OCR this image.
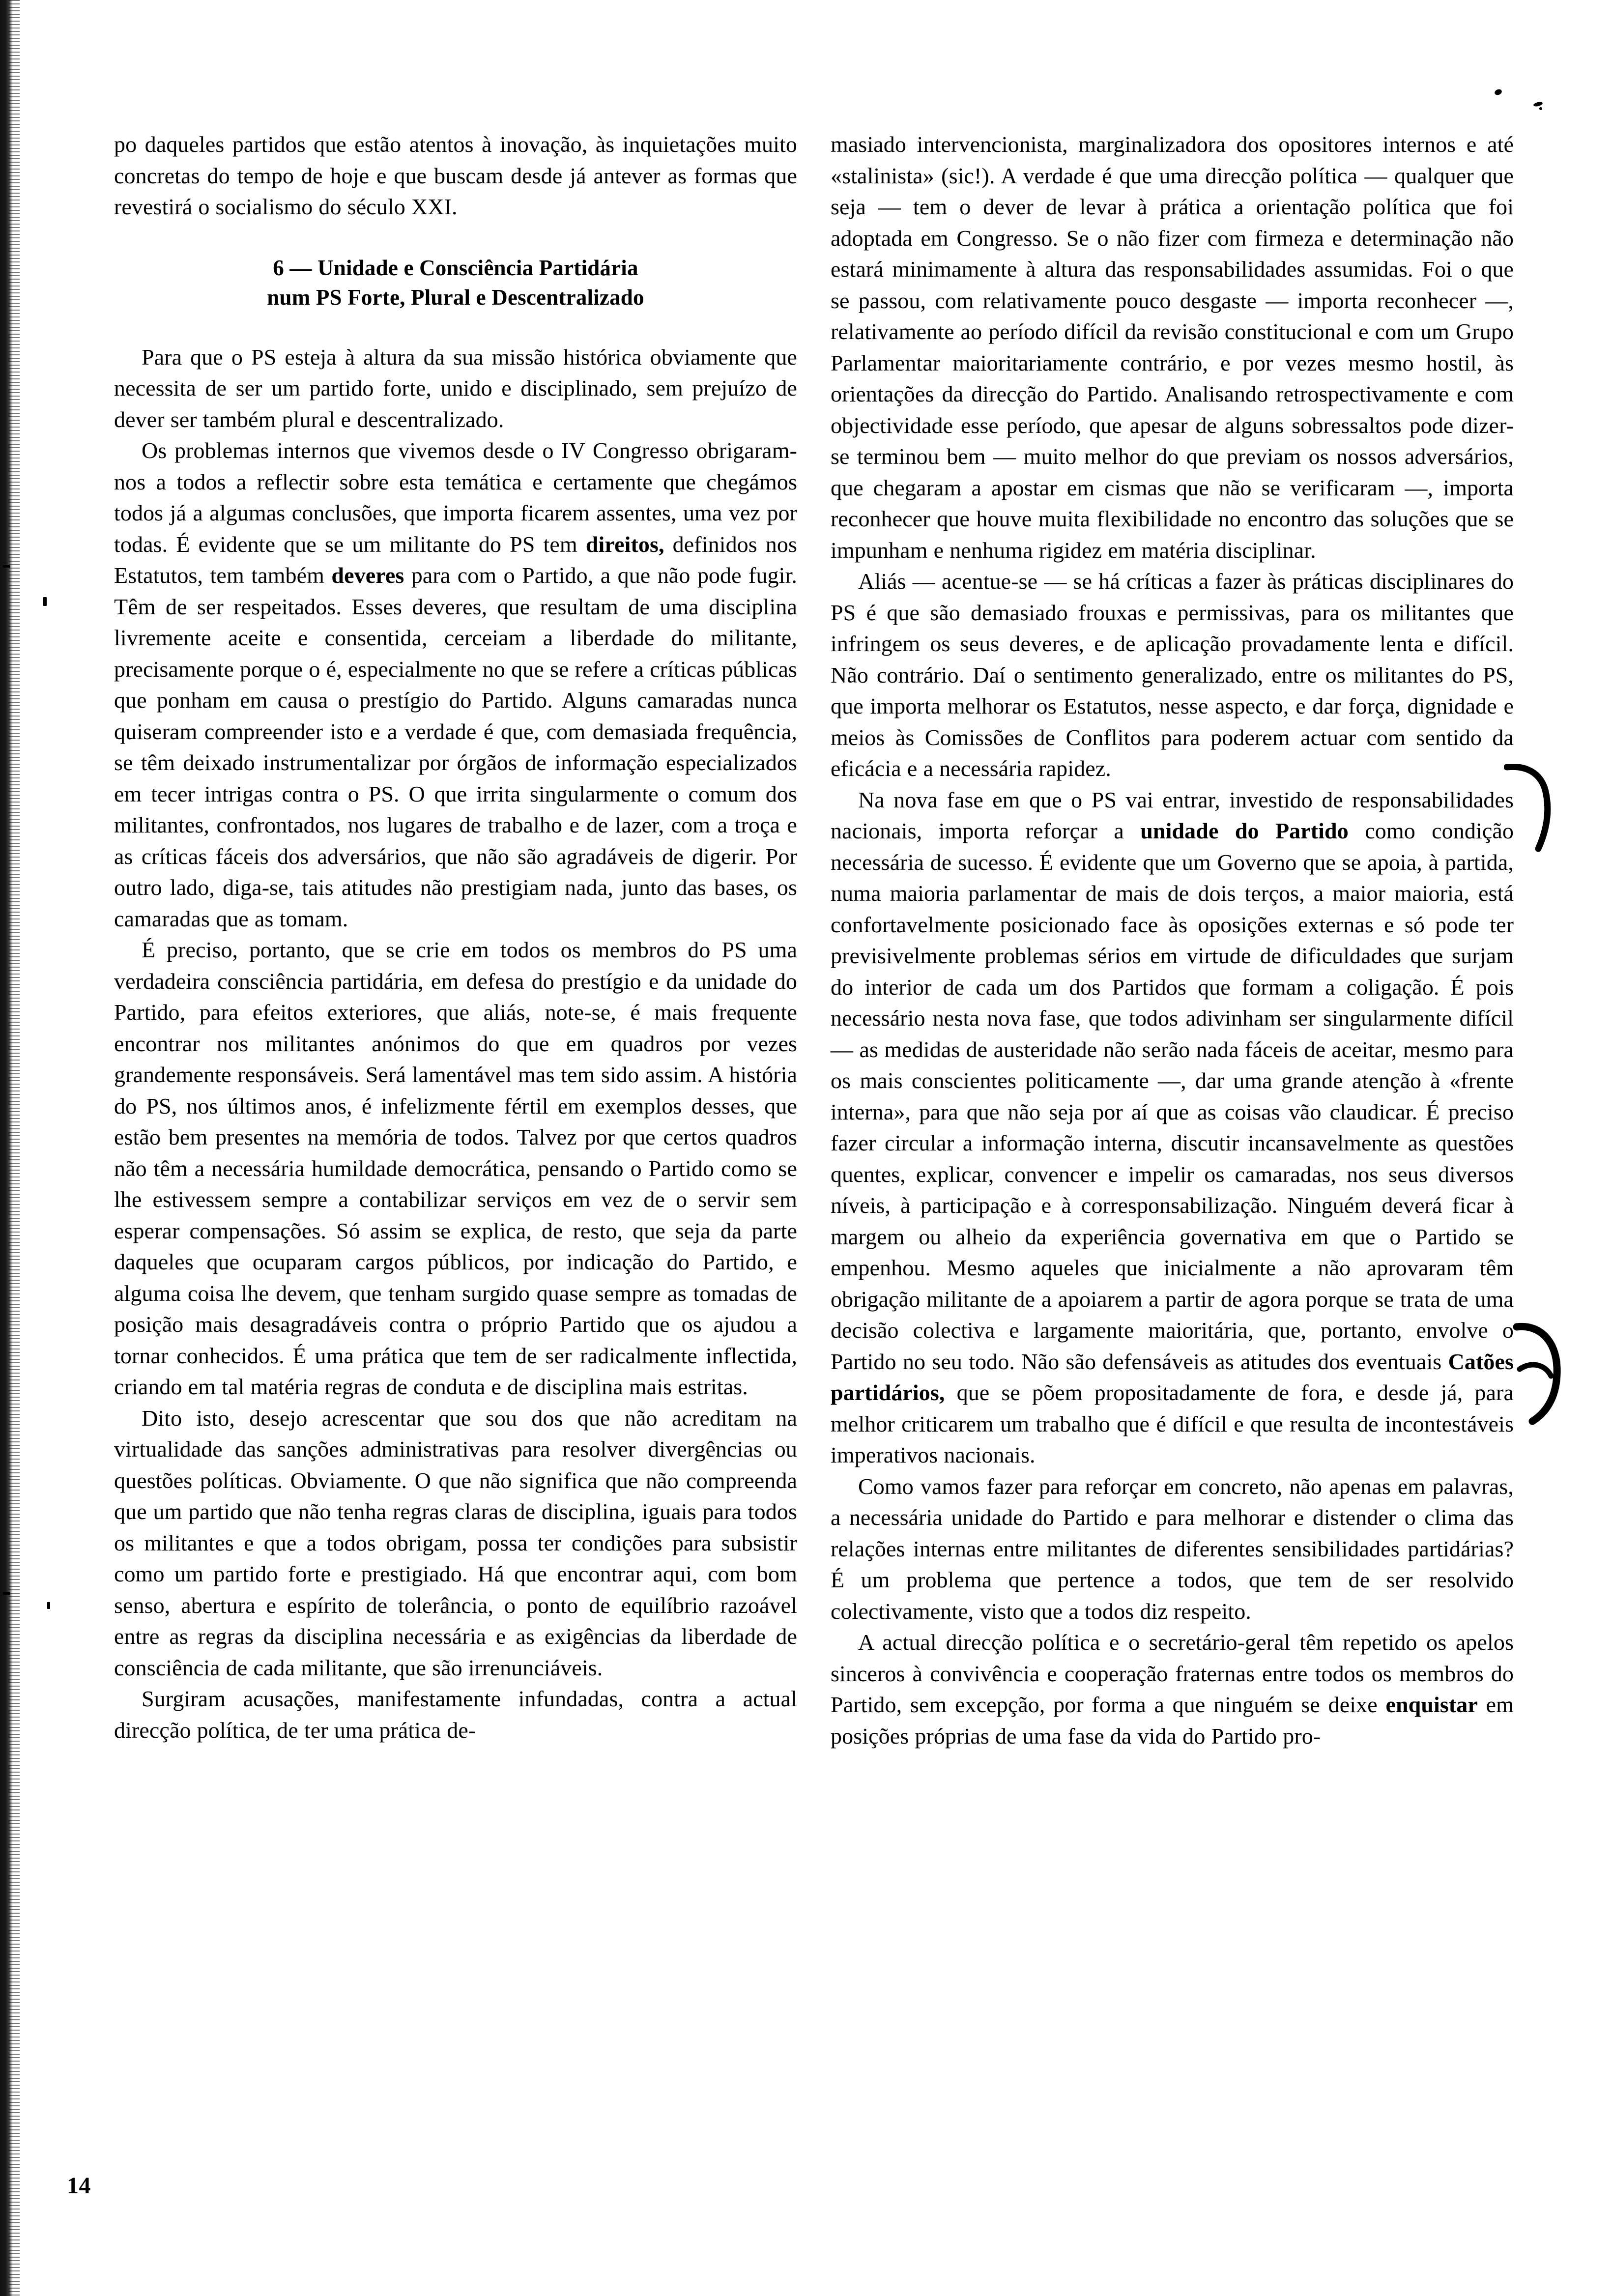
po daqueles partidos que estão atentos à inovação, às inquietações muito concretas do tempo de hoje e que buscam desde já antever as formas que revestirá o socialismo do século XXI.

6 — Unidade e Consciência Partidária
num PS Forte, Plural e Descentralizado

Para que o PS esteja à altura da sua missão histórica obviamente que necessita de ser um partido forte, unido e disciplinado, sem prejuízo de dever ser também plural e descentralizado.

Os problemas internos que vivemos desde o IV Congresso obrigaram-nos a todos a reflectir sobre esta temática e certamente que chegámos todos já a algumas conclusões, que importa ficarem assentes, uma vez por todas. É evidente que se um militante do PS tem direitos, definidos nos Estatutos, tem também deveres para com o Partido, a que não pode fugir. Têm de ser respeitados. Esses deveres, que resultam de uma disciplina livremente aceite e consentida, cerceiam a liberdade do militante, precisamente porque o é, especialmente no que se refere a críticas públicas que ponham em causa o prestígio do Partido. Alguns camaradas nunca quiseram compreender isto e a verdade é que, com demasiada frequência, se têm deixado instrumentalizar por órgãos de informação especializados em tecer intrigas contra o PS. O que irrita singularmente o comum dos militantes, confrontados, nos lugares de trabalho e de lazer, com a troça e as críticas fáceis dos adversários, que não são agradáveis de digerir. Por outro lado, diga-se, tais atitudes não prestigiam nada, junto das bases, os camaradas que as tomam.

É preciso, portanto, que se crie em todos os membros do PS uma verdadeira consciência partidária, em defesa do prestígio e da unidade do Partido, para efeitos exteriores, que aliás, note-se, é mais frequente encontrar nos militantes anónimos do que em quadros por vezes grandemente responsáveis. Será lamentável mas tem sido assim. A história do PS, nos últimos anos, é infelizmente fértil em exemplos desses, que estão bem presentes na memória de todos. Talvez por que certos quadros não têm a necessária humildade democrática, pensando o Partido como se lhe estivessem sempre a contabilizar serviços em vez de o servir sem esperar compensações. Só assim se explica, de resto, que seja da parte daqueles que ocuparam cargos públicos, por indicação do Partido, e alguma coisa lhe devem, que tenham surgido quase sempre as tomadas de posição mais desagradáveis contra o próprio Partido que os ajudou a tornar conhecidos. É uma prática que tem de ser radicalmente inflectida, criando em tal matéria regras de conduta e de disciplina mais estritas.

Dito isto, desejo acrescentar que sou dos que não acreditam na virtualidade das sanções administrativas para resolver divergências ou questões políticas. Obviamente. O que não significa que não compreenda que um partido que não tenha regras claras de disciplina, iguais para todos os militantes e que a todos obrigam, possa ter condições para subsistir como um partido forte e prestigiado. Há que encontrar aqui, com bom senso, abertura e espírito de tolerância, o ponto de equilíbrio razoável entre as regras da disciplina necessária e as exigências da liberdade de consciência de cada militante, que são irrenunciáveis.

Surgiram acusações, manifestamente infundadas, contra a actual direcção política, de ter uma prática de-

masiado intervencionista, marginalizadora dos opositores internos e até «stalinista» (sic!). A verdade é que uma direcção política — qualquer que seja — tem o dever de levar à prática a orientação política que foi adoptada em Congresso. Se o não fizer com firmeza e determinação não estará minimamente à altura das responsabilidades assumidas. Foi o que se passou, com relativamente pouco desgaste — importa reconhecer —, relativamente ao período difícil da revisão constitucional e com um Grupo Parlamentar maioritariamente contrário, e por vezes mesmo hostil, às orientações da direcção do Partido. Analisando retrospectivamente e com objectividade esse período, que apesar de alguns sobressaltos pode dizer-se terminou bem — muito melhor do que previam os nossos adversários, que chegaram a apostar em cismas que não se verificaram —, importa reconhecer que houve muita flexibilidade no encontro das soluções que se impunham e nenhuma rigidez em matéria disciplinar.

Aliás — acentue-se — se há críticas a fazer às práticas disciplinares do PS é que são demasiado frouxas e permissivas, para os militantes que infringem os seus deveres, e de aplicação provadamente lenta e difícil. Não contrário. Daí o sentimento generalizado, entre os militantes do PS, que importa melhorar os Estatutos, nesse aspecto, e dar força, dignidade e meios às Comissões de Conflitos para poderem actuar com sentido da eficácia e a necessária rapidez.

Na nova fase em que o PS vai entrar, investido de responsabilidades nacionais, importa reforçar a unidade do Partido como condição necessária de sucesso. É evidente que um Governo que se apoia, à partida, numa maioria parlamentar de mais de dois terços, a maior maioria, está confortavelmente posicionado face às oposições externas e só pode ter previsivelmente problemas sérios em virtude de dificuldades que surjam do interior de cada um dos Partidos que formam a coligação. É pois necessário nesta nova fase, que todos adivinham ser singularmente difícil — as medidas de austeridade não serão nada fáceis de aceitar, mesmo para os mais conscientes politicamente —, dar uma grande atenção à «frente interna», para que não seja por aí que as coisas vão claudicar. É preciso fazer circular a informação interna, discutir incansavelmente as questões quentes, explicar, convencer e impelir os camaradas, nos seus diversos níveis, à participação e à corresponsabilização. Ninguém deverá ficar à margem ou alheio da experiência governativa em que o Partido se empenhou. Mesmo aqueles que inicialmente a não aprovaram têm obrigação militante de a apoiarem a partir de agora porque se trata de uma decisão colectiva e largamente maioritária, que, portanto, envolve o Partido no seu todo. Não são defensáveis as atitudes dos eventuais Catões partidários, que se põem propositadamente de fora, e desde já, para melhor criticarem um trabalho que é difícil e que resulta de incontestáveis imperativos nacionais.

Como vamos fazer para reforçar em concreto, não apenas em palavras, a necessária unidade do Partido e para melhorar e distender o clima das relações internas entre militantes de diferentes sensibilidades partidárias? É um problema que pertence a todos, que tem de ser resolvido colectivamente, visto que a todos diz respeito.

A actual direcção política e o secretário-geral têm repetido os apelos sinceros à convivência e cooperação fraternas entre todos os membros do Partido, sem excepção, por forma a que ninguém se deixe enquistar em posições próprias de uma fase da vida do Partido pro-

14
